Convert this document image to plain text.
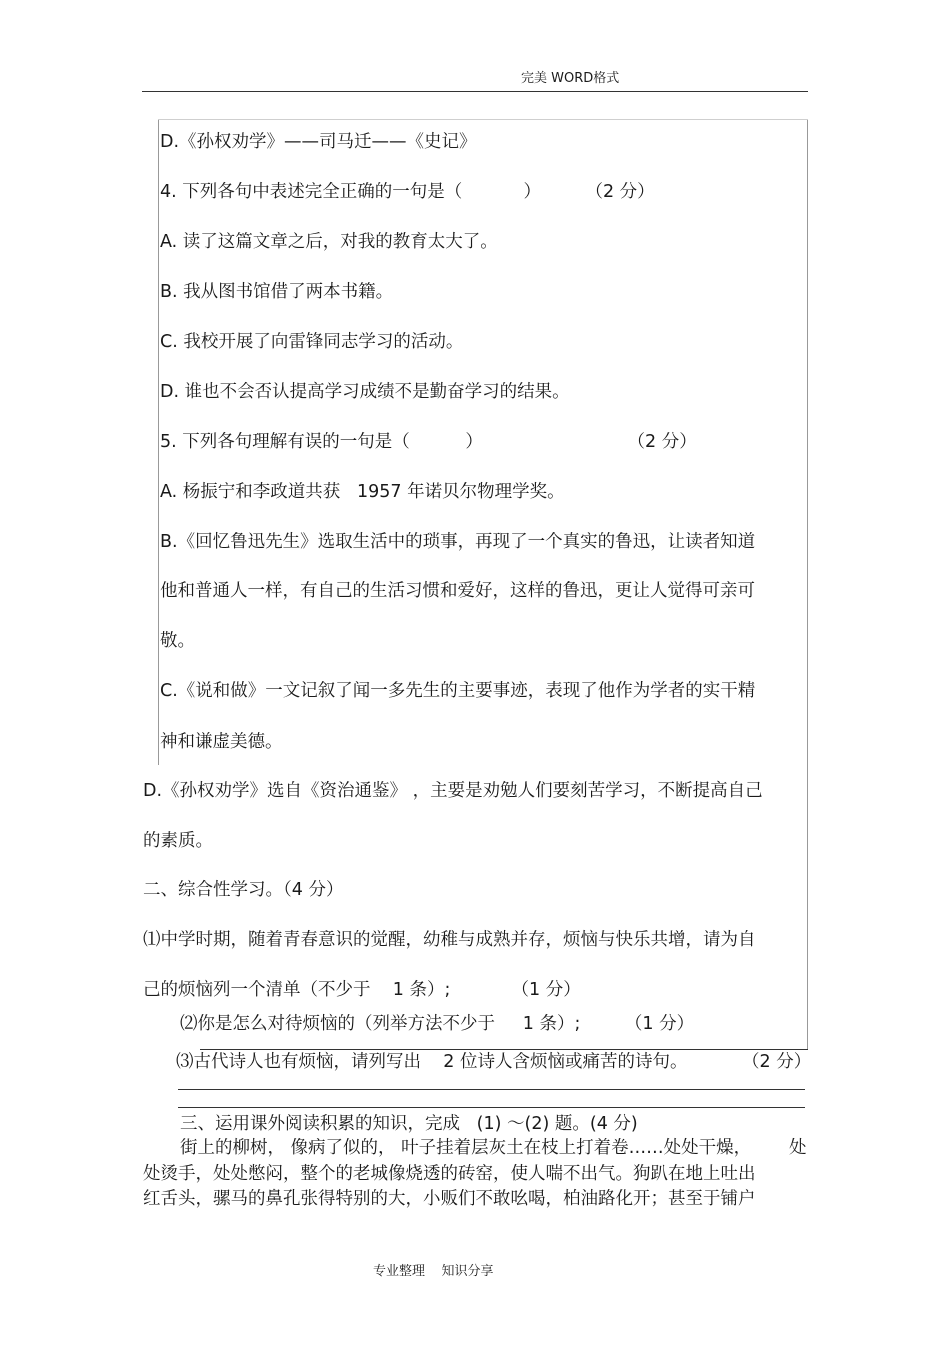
完美 WORD格式
D.《孙权劝学》——司马迁——《史记》
4. 下列各句中表述完全正确的一句是（           ）        （2 分）
A. 读了这篇文章之后，对我的教育太大了。
B. 我从图书馆借了两本书籍。
C. 我校开展了向雷锋同志学习的活动。
D. 谁也不会否认提高学习成绩不是勤奋学习的结果。
5. 下列各句理解有误的一句是（          ）                          （2 分）
A. 杨振宁和李政道共获   1957 年诺贝尔物理学奖。
B.《回忆鲁迅先生》选取生活中的琐事，再现了一个真实的鲁迅，让读者知道
他和普通人一样，有自己的生活习惯和爱好，这样的鲁迅，更让人觉得可亲可
敬。
C.《说和做》一文记叙了闻一多先生的主要事迹，表现了他作为学者的实干精
神和谦虚美德。
D.《孙权劝学》选自《资治通鉴》 ，主要是劝勉人们要刻苦学习，不断提高自己
的素质。
二、综合性学习。（4 分）
⑴中学时期，随着青春意识的觉醒，幼稚与成熟并存，烦恼与快乐共增，请为自
己的烦恼列一个清单（不少于    1 条）;           （1 分）
⑵你是怎么对待烦恼的（列举方法不少于     1 条）;        （1 分）
⑶古代诗人也有烦恼，请列写出    2 位诗人含烦恼或痛苦的诗句。	（2 分）
三、运用课外阅读积累的知识，完成   (1) ～(2) 题。(4 分)
街上的柳树， 像病了似的， 叶子挂着层灰土在枝上打着卷……处处干燥， 处
处烫手，处处憋闷，整个的老城像烧透的砖窑，使人喘不出气。狗趴在地上吐出
红舌头，骡马的鼻孔张得特别的大，小贩们不敢吆喝，柏油路化开；甚至于铺户
专业整理    知识分享
